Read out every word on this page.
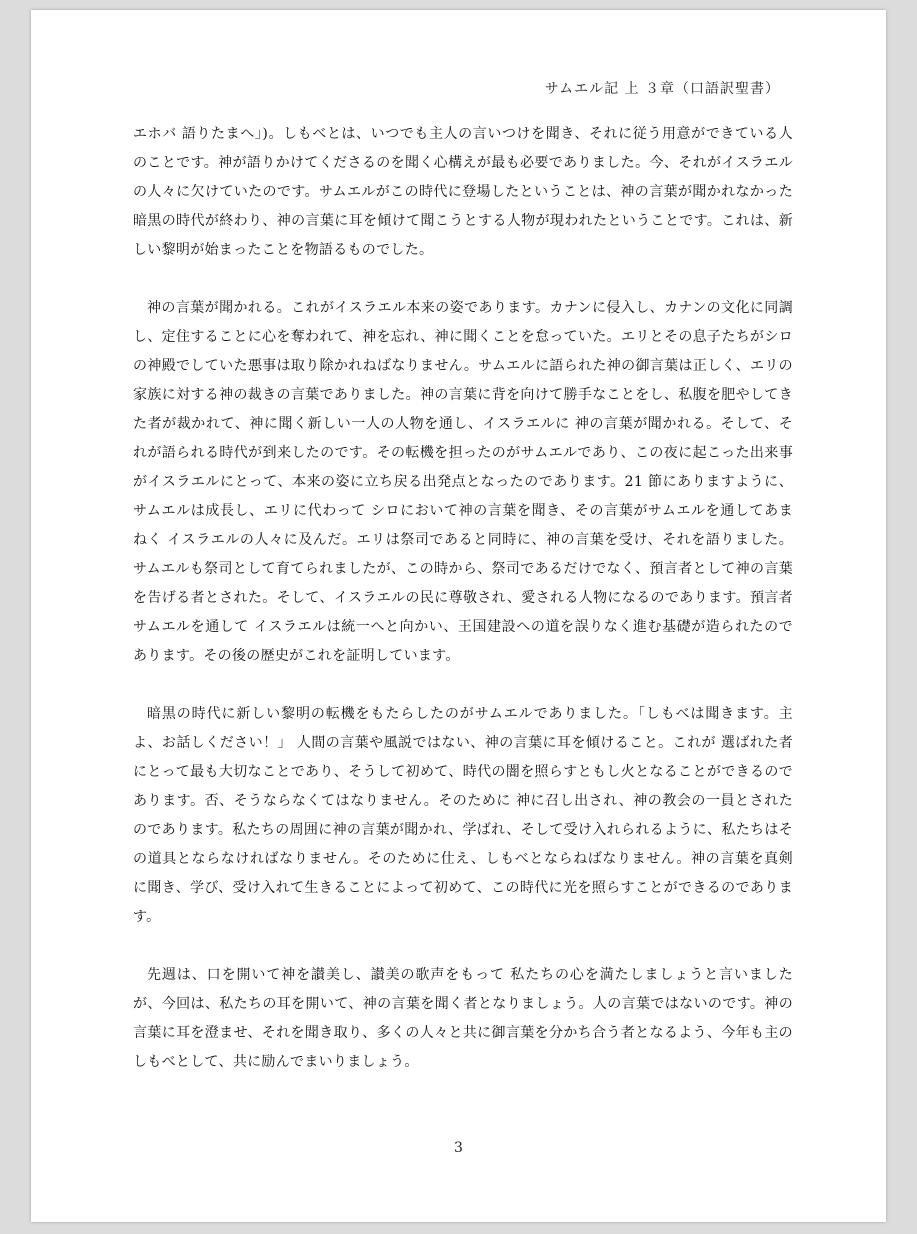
サムエル記 上 ３章（口語訳聖書）

エホバ 語りたまへ」)。しもべとは、いつでも主人の言いつけを聞き、それに従う用意ができている人のことです。神が語りかけてくださるのを聞く心構えが最も必要でありました。今、それがイスラエルの人々に欠けていたのです。サムエルがこの時代に登場したということは、神の言葉が聞かれなかった暗黒の時代が終わり、神の言葉に耳を傾けて聞こうとする人物が現われたということです。これは、新しい黎明が始まったことを物語るものでした。

神の言葉が聞かれる。これがイスラエル本来の姿であります。カナンに侵入し、カナンの文化に同調し、定住することに心を奪われて、神を忘れ、神に聞くことを怠っていた。エリとその息子たちがシロの神殿でしていた悪事は取り除かれねばなりません。サムエルに語られた神の御言葉は正しく、エリの家族に対する神の裁きの言葉でありました。神の言葉に背を向けて勝手なことをし、私腹を肥やしてきた者が裁かれて、神に聞く新しい一人の人物を通し、イスラエルに 神の言葉が聞かれる。そして、それが語られる時代が到来したのです。その転機を担ったのがサムエルであり、この夜に起こった出来事がイスラエルにとって、本来の姿に立ち戻る出発点となったのであります。21 節にありますように、サムエルは成長し、エリに代わって シロにおいて神の言葉を聞き、その言葉がサムエルを通してあまねく イスラエルの人々に及んだ。エリは祭司であると同時に、神の言葉を受け、それを語りました。サムエルも祭司として育てられましたが、この時から、祭司であるだけでなく、預言者として神の言葉を告げる者とされた。そして、イスラエルの民に尊敬され、愛される人物になるのであります。預言者サムエルを通して イスラエルは統一へと向かい、王国建設への道を誤りなく進む基礎が造られたのであります。その後の歴史がこれを証明しています。

暗黒の時代に新しい黎明の転機をもたらしたのがサムエルでありました。「しもべは聞きます。主よ、お話しください！」 人間の言葉や風説ではない、神の言葉に耳を傾けること。これが 選ばれた者にとって最も大切なことであり、そうして初めて、時代の闇を照らすともし火となることができるのであります。否、そうならなくてはなりません。そのために 神に召し出され、神の教会の一員とされたのであります。私たちの周囲に神の言葉が聞かれ、学ばれ、そして受け入れられるように、私たちはその道具とならなければなりません。そのために仕え、しもべとならねばなりません。神の言葉を真剣に聞き、学び、受け入れて生きることによって初めて、この時代に光を照らすことができるのであります。

先週は、口を開いて神を讃美し、讃美の歌声をもって 私たちの心を満たしましょうと言いましたが、今回は、私たちの耳を開いて、神の言葉を聞く者となりましょう。人の言葉ではないのです。神の言葉に耳を澄ませ、それを聞き取り、多くの人々と共に御言葉を分かち合う者となるよう、今年も主のしもべとして、共に励んでまいりましょう。

3
